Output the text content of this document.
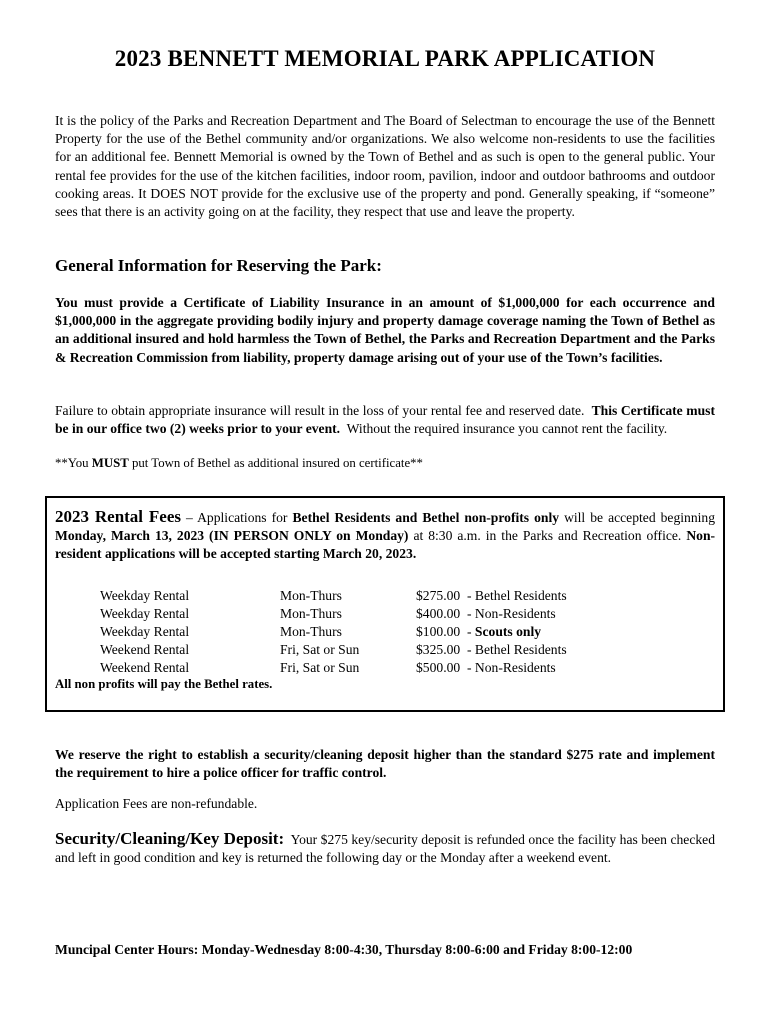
2023 BENNETT MEMORIAL PARK APPLICATION
It is the policy of the Parks and Recreation Department and The Board of Selectman to encourage the use of the Bennett Property for the use of the Bethel community and/or organizations. We also welcome non-residents to use the facilities for an additional fee. Bennett Memorial is owned by the Town of Bethel and as such is open to the general public. Your rental fee provides for the use of the kitchen facilities, indoor room, pavilion, indoor and outdoor bathrooms and outdoor cooking areas. It DOES NOT provide for the exclusive use of the property and pond. Generally speaking, if “someone” sees that there is an activity going on at the facility, they respect that use and leave the property.
General Information for Reserving the Park:
You must provide a Certificate of Liability Insurance in an amount of $1,000,000 for each occurrence and $1,000,000 in the aggregate providing bodily injury and property damage coverage naming the Town of Bethel as an additional insured and hold harmless the Town of Bethel, the Parks and Recreation Department and the Parks & Recreation Commission from liability, property damage arising out of your use of the Town’s facilities.
Failure to obtain appropriate insurance will result in the loss of your rental fee and reserved date. This Certificate must be in our office two (2) weeks prior to your event. Without the required insurance you cannot rent the facility.
**You MUST put Town of Bethel as additional insured on certificate**
2023 Rental Fees – Applications for Bethel Residents and Bethel non-profits only will be accepted beginning Monday, March 13, 2023 (IN PERSON ONLY on Monday) at 8:30 a.m. in the Parks and Recreation office. Non-resident applications will be accepted starting March 20, 2023.
Weekday Rental	Mon-Thurs	$275.00 - Bethel Residents
Weekday Rental	Mon-Thurs	$400.00 - Non-Residents
Weekday Rental	Mon-Thurs	$100.00 - Scouts only
Weekend Rental	Fri, Sat or Sun	$325.00 - Bethel Residents
Weekend Rental	Fri, Sat or Sun	$500.00 - Non-Residents
All non profits will pay the Bethel rates.
We reserve the right to establish a security/cleaning deposit higher than the standard $275 rate and implement the requirement to hire a police officer for traffic control.
Application Fees are non-refundable.
Security/Cleaning/Key Deposit: Your $275 key/security deposit is refunded once the facility has been checked and left in good condition and key is returned the following day or the Monday after a weekend event.
Muncipal Center Hours: Monday-Wednesday 8:00-4:30, Thursday 8:00-6:00 and Friday 8:00-12:00
